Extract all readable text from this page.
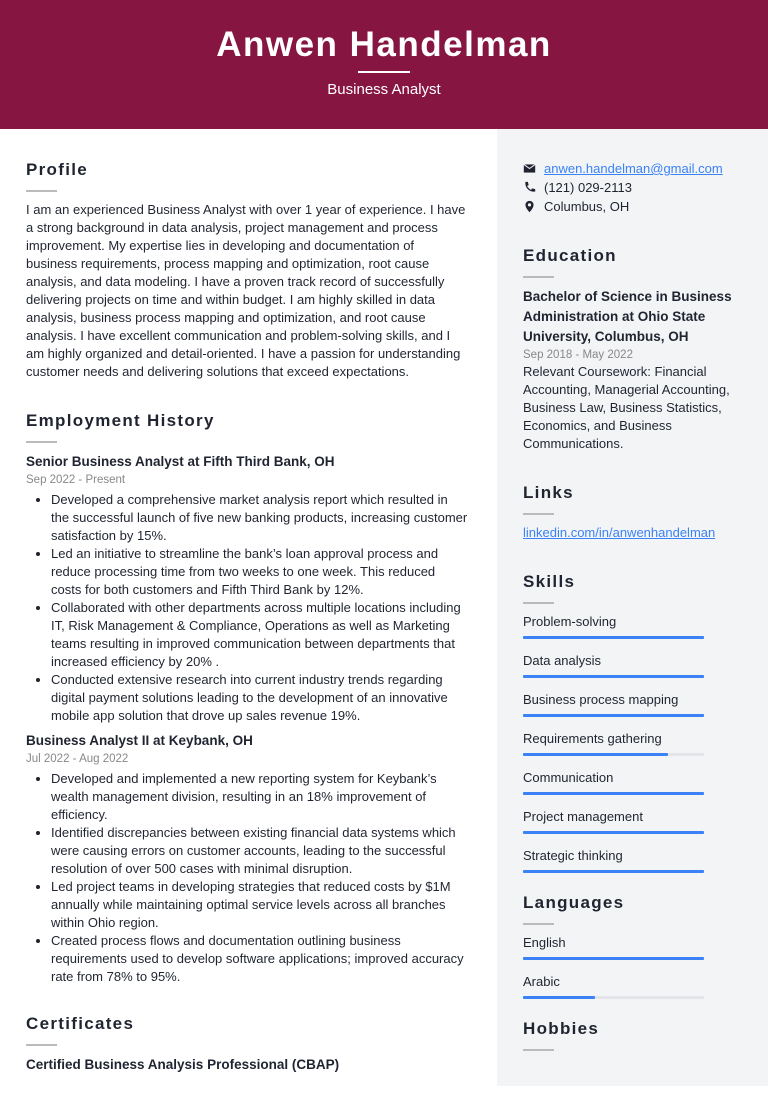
Anwen Handelman
Business Analyst
Profile

I am an experienced Business Analyst with over 1 year of experience. I have a strong background in data analysis, project management and process improvement. My expertise lies in developing and documentation of business requirements, process mapping and optimization, root cause analysis, and data modeling. I have a proven track record of successfully delivering projects on time and within budget. I am highly skilled in data analysis, business process mapping and optimization, and root cause analysis. I have excellent communication and problem-solving skills, and I am highly organized and detail-oriented. I have a passion for understanding customer needs and delivering solutions that exceed expectations.

Employment History
Senior Business Analyst at Fifth Third Bank, OH
Sep 2022 - Present
• Developed a comprehensive market analysis report which resulted in the successful launch of five new banking products, increasing customer satisfaction by 15%.
• Led an initiative to streamline the bank’s loan approval process and reduce processing time from two weeks to one week. This reduced costs for both customers and Fifth Third Bank by 12%.
• Collaborated with other departments across multiple locations including IT, Risk Management & Compliance, Operations as well as Marketing teams resulting in improved communication between departments that increased efficiency by 20% .
• Conducted extensive research into current industry trends regarding digital payment solutions leading to the development of an innovative mobile app solution that drove up sales revenue 19%.
Business Analyst II at Keybank, OH
Jul 2022 - Aug 2022
• Developed and implemented a new reporting system for Keybank’s wealth management division, resulting in an 18% improvement of efficiency.
• Identified discrepancies between existing financial data systems which were causing errors on customer accounts, leading to the successful resolution of over 500 cases with minimal disruption.
• Led project teams in developing strategies that reduced costs by $1M annually while maintaining optimal service levels across all branches within Ohio region.
• Created process flows and documentation outlining business requirements used to develop software applications; improved accuracy rate from 78% to 95%.
Certificates
Certified Business Analysis Professional (CBAP)
anwen.handelman@gmail.com
(121) 029-2113
Columbus, OH
Education
Bachelor of Science in Business Administration at Ohio State University, Columbus, OH
Sep 2018 - May 2022

Relevant Coursework: Financial Accounting, Managerial Accounting, Business Law, Business Statistics, Economics, and Business Communications.

Links
linkedin.com/in/anwenhandelman
Skills
Problem-solving
Data analysis
Business process mapping
Requirements gathering
Communication
Project management
Strategic thinking
Languages
English
Arabic
Hobbies
